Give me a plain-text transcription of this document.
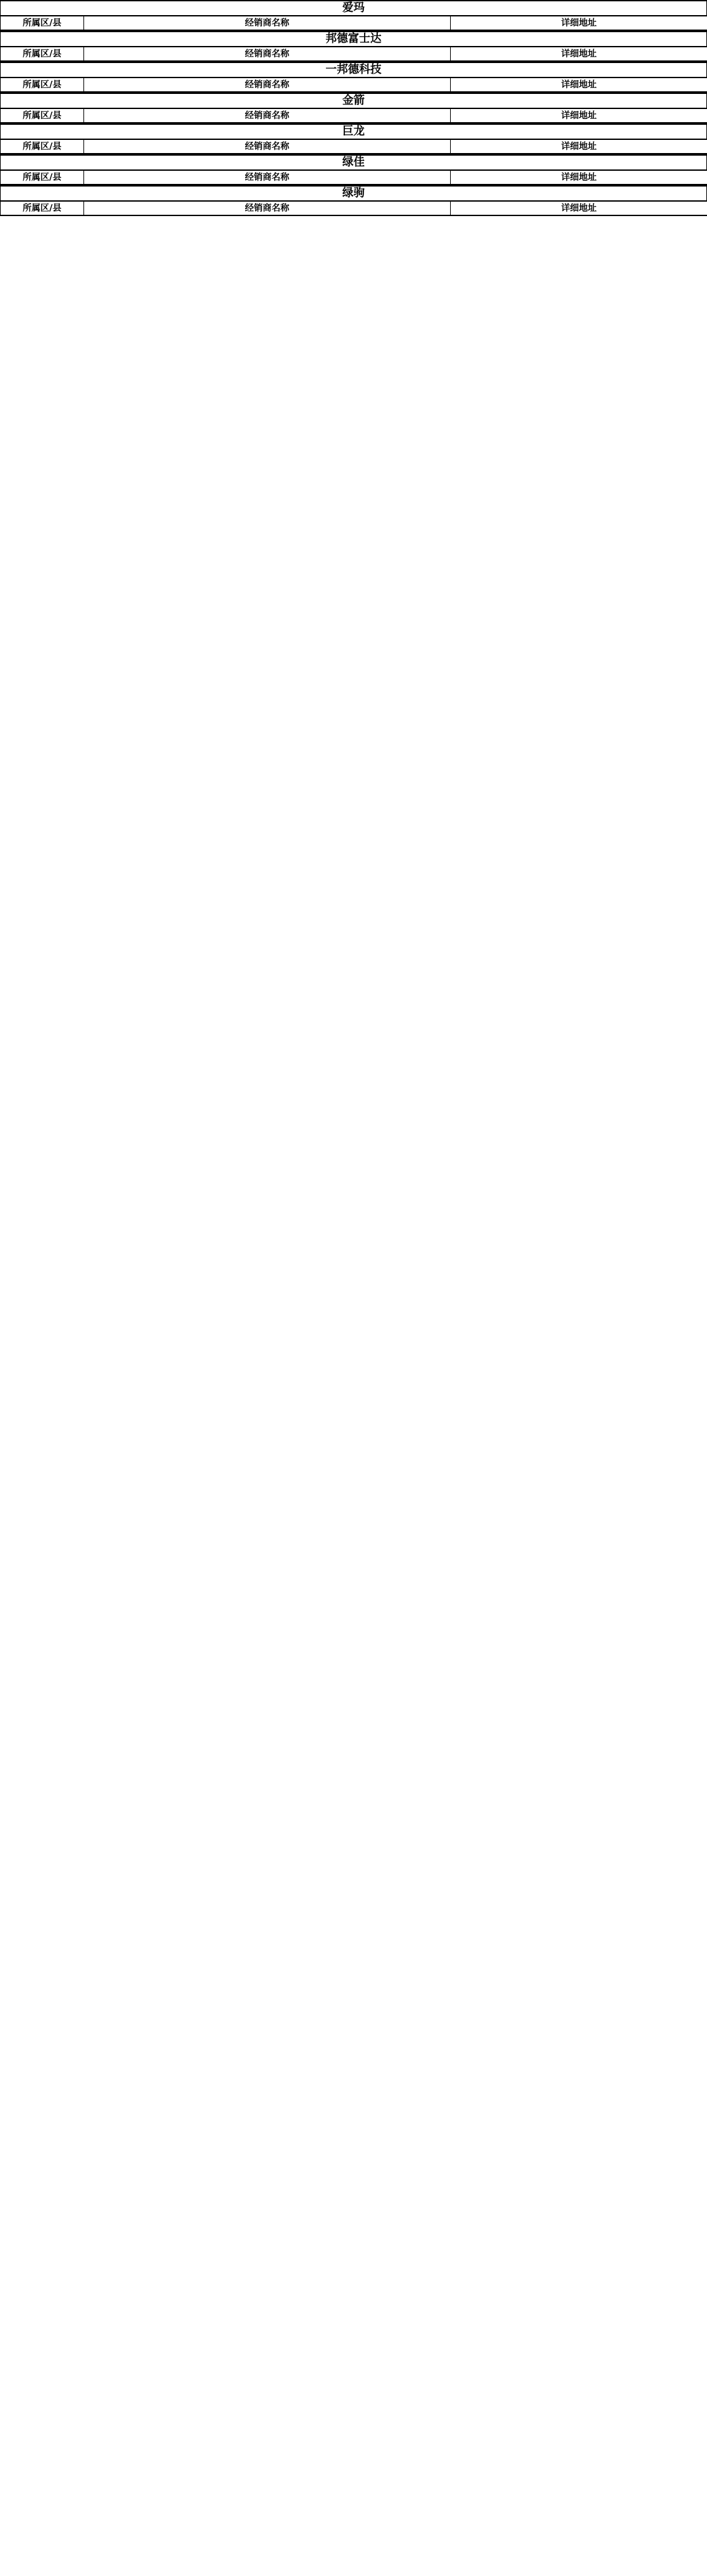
爱玛
所属区/县	经销商名称	详细地址
邦德富士达
所属区/县	经销商名称	详细地址
一邦德科技
所属区/县	经销商名称	详细地址
金箭
所属区/县	经销商名称	详细地址
巨龙
所属区/县	经销商名称	详细地址
绿佳
所属区/县	经销商名称	详细地址
绿驹
所属区/县	经销商名称	详细地址
